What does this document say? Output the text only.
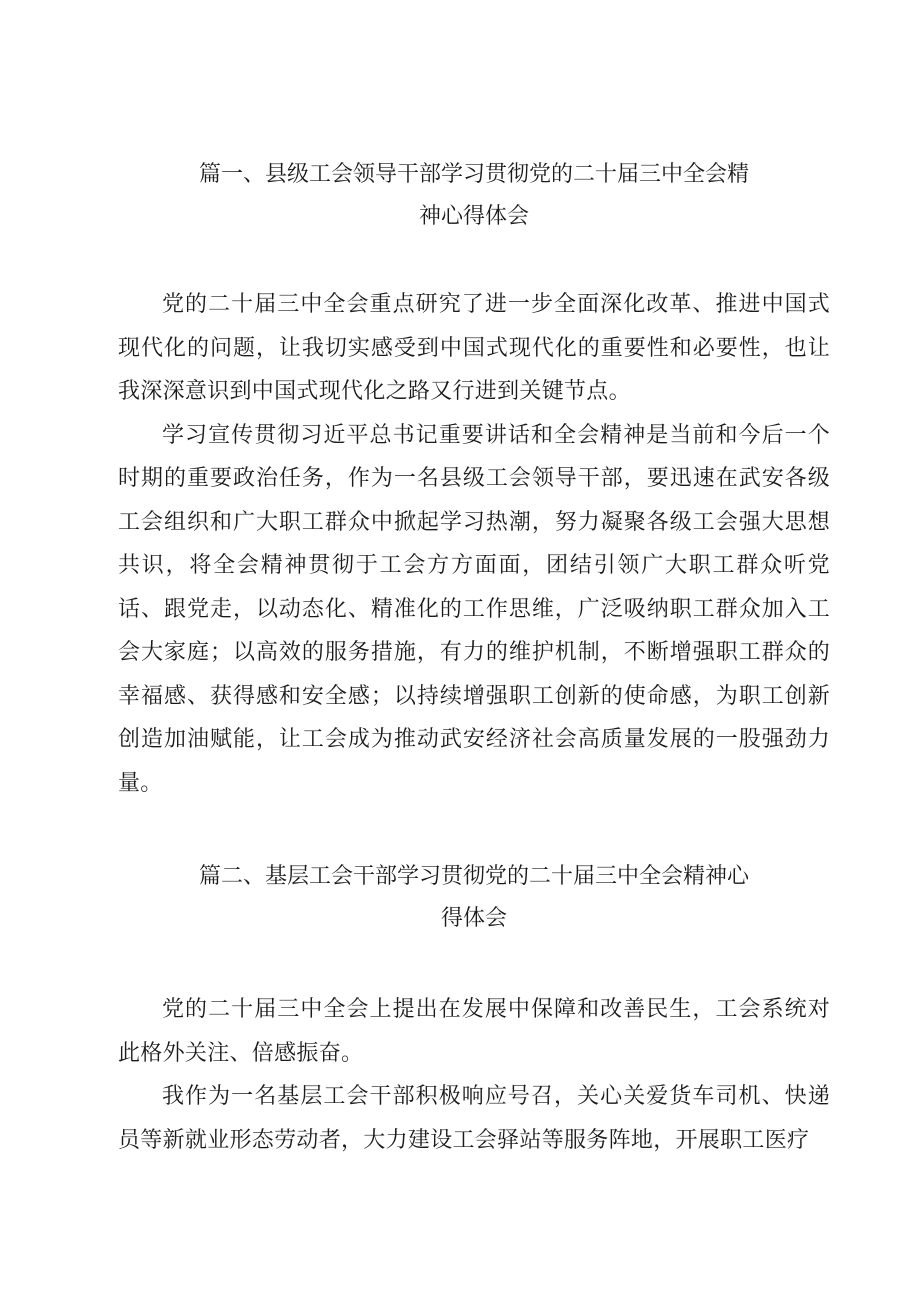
篇一、县级工会领导干部学习贯彻党的二十届三中全会精
神心得体会

党的二十届三中全会重点研究了进一步全面深化改革、推进中国式现代化的问题，让我切实感受到中国式现代化的重要性和必要性，也让我深深意识到中国式现代化之路又行进到关键节点。

学习宣传贯彻习近平总书记重要讲话和全会精神是当前和今后一个时期的重要政治任务，作为一名县级工会领导干部，要迅速在武安各级工会组织和广大职工群众中掀起学习热潮，努力凝聚各级工会强大思想共识，将全会精神贯彻于工会方方面面，团结引领广大职工群众听党话、跟党走，以动态化、精准化的工作思维，广泛吸纳职工群众加入工会大家庭；以高效的服务措施，有力的维护机制，不断增强职工群众的幸福感、获得感和安全感；以持续增强职工创新的使命感，为职工创新创造加油赋能，让工会成为推动武安经济社会高质量发展的一股强劲力量。

篇二、基层工会干部学习贯彻党的二十届三中全会精神心
得体会

党的二十届三中全会上提出在发展中保障和改善民生，工会系统对此格外关注、倍感振奋。

我作为一名基层工会干部积极响应号召，关心关爱货车司机、快递员等新就业形态劳动者，大力建设工会驿站等服务阵地，开展职工医疗
